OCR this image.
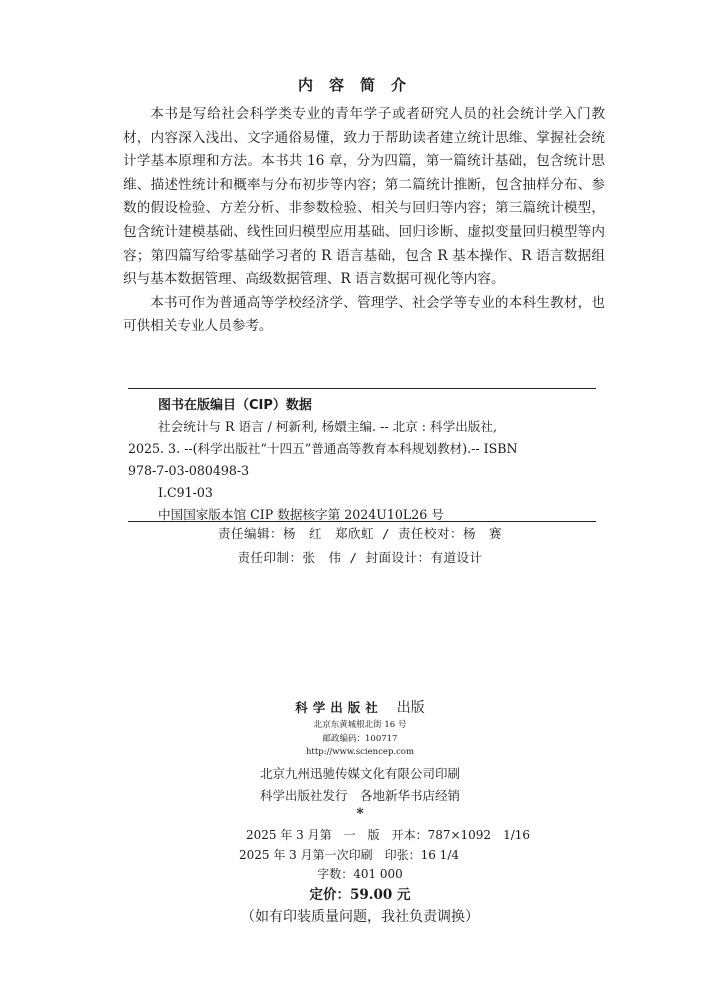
内容简介

本书是写给社会科学类专业的青年学子或者研究人员的社会统计学入门教材，内容深入浅出、文字通俗易懂，致力于帮助读者建立统计思维、掌握社会统计学基本原理和方法。本书共 16 章，分为四篇，第一篇统计基础，包含统计思维、描述性统计和概率与分布初步等内容；第二篇统计推断，包含抽样分布、参数的假设检验、方差分析、非参数检验、相关与回归等内容；第三篇统计模型，包含统计建模基础、线性回归模型应用基础、回归诊断、虚拟变量回归模型等内容；第四篇写给零基础学习者的 R 语言基础，包含 R 基本操作、R 语言数据组织与基本数据管理、高级数据管理、R 语言数据可视化等内容。

本书可作为普通高等学校经济学、管理学、社会学等专业的本科生教材，也可供相关专业人员参考。

图书在版编目（CIP）数据
社会统计与 R 语言 / 柯新利, 杨嬛主编. -- 北京 : 科学出版社,
2025. 3. --(科学出版社“十四五”普通高等教育本科规划教材).-- ISBN
978-7-03-080498-3
Ⅰ.C91-03
中国国家版本馆 CIP 数据核字第 2024U10L26 号
责任编辑：杨　红　郑欣虹 / 责任校对：杨　赛
责任印制：张　伟 / 封面设计：有道设计
科学出版社 出版
北京东黄城根北街 16 号
邮政编码：100717
http://www.sciencep.com
北京九州迅驰传媒文化有限公司印刷
科学出版社发行　各地新华书店经销
*
2025 年 3 月第　一　版　开本：787×1092　1/16
2025 年 3 月第一次印刷　印张：16 1/4
字数：401 000
定价：59.00 元
（如有印装质量问题，我社负责调换）
